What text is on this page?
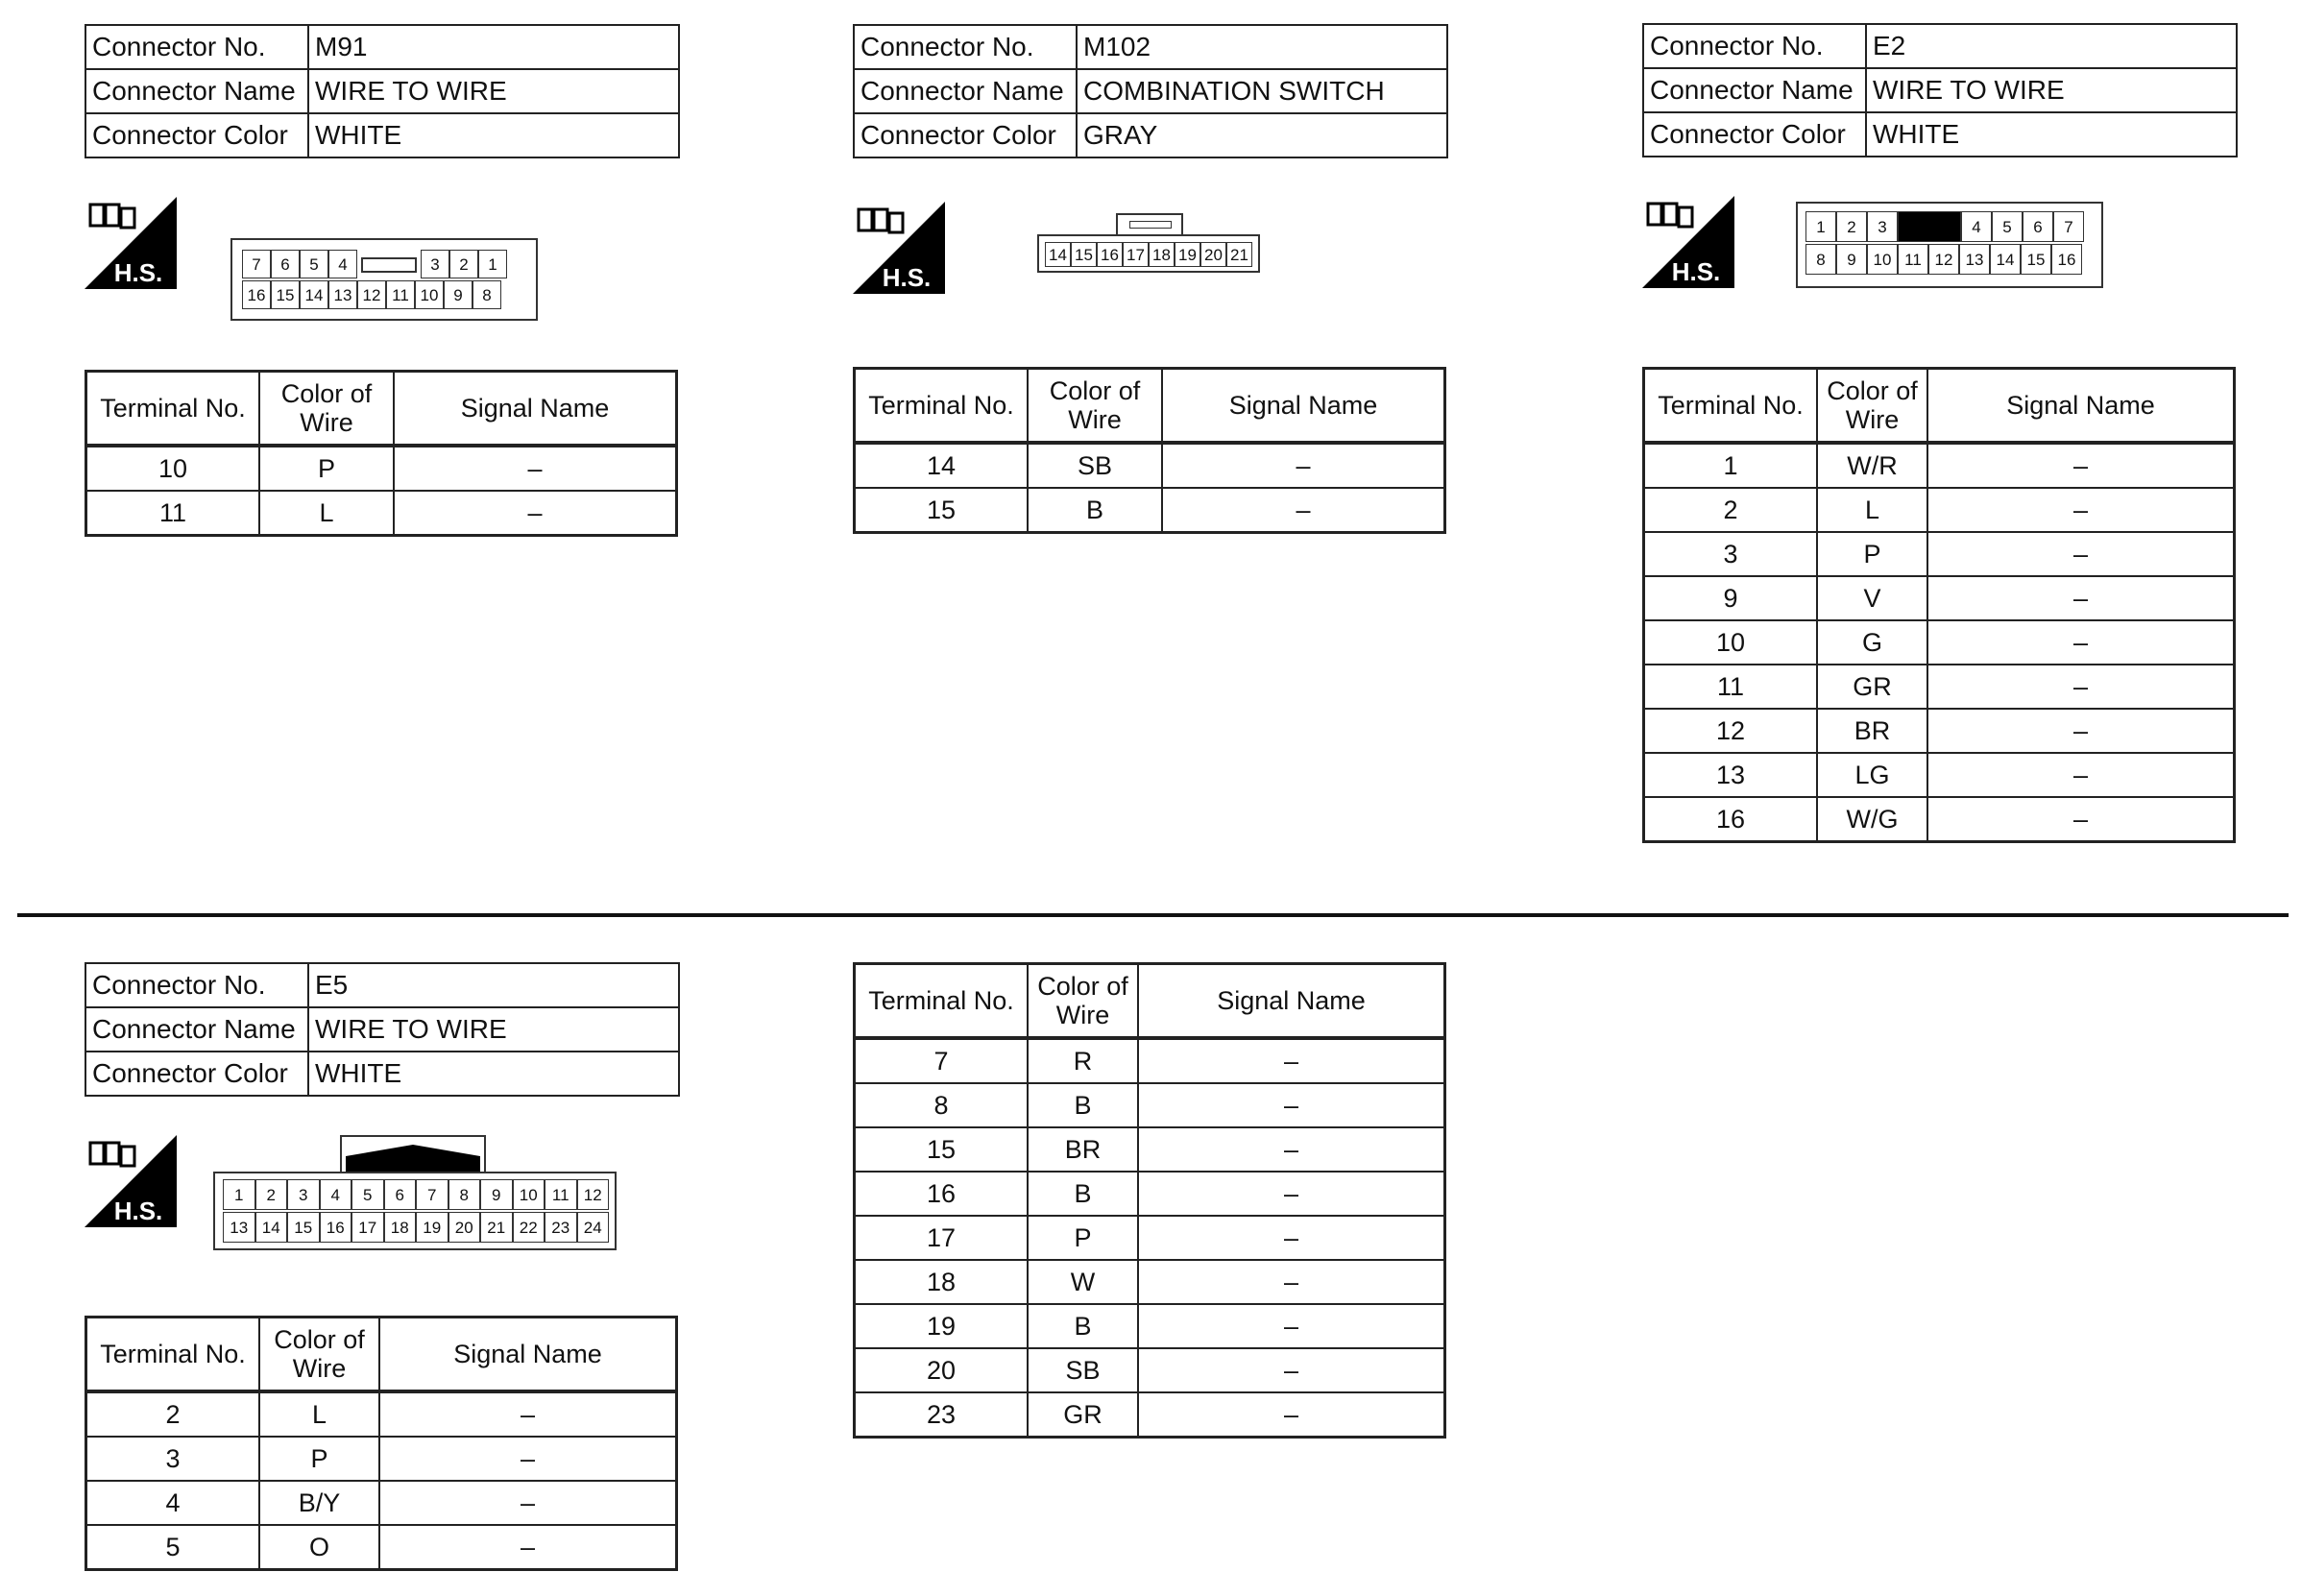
Connector No.	M91
Connector Name	WIRE TO WIRE
Connector Color	WHITE
H.S.	7	6	5	4	3	2	1
16 15 14 13 12 11 10 9	8
Terminal No.	Color of Wire	Signal Name
10	P	–
11	L	–
Connector No.	M102
Connector Name	COMBINATION SWITCH
Connector Color	GRAY
H.S.
14 15 16 17 18 19 20 21
Terminal No.	Color of Wire	Signal Name
14	SB	–
15	B	–
Connector No.	E2
Connector Name	WIRE TO WIRE
Connector Color	WHITE
H.S.
1	2	3	4	5	6	7
8	9	10 11 12 13 14 15 16
Terminal No.	Color of Wire	Signal Name
1	W/R	–
2	L	–
3	P	–
9	V	–
10	G	–
11	GR	–
12	BR	–
13	LG	–
16	W/G	–
Connector No.	E5
Connector Name	WIRE TO WIRE
Connector Color	WHITE
H.S.
1	2	3	4	5	6	7	8	9	10 11 12
13 14 15 16 17 18 19 20 21 22 23 24
Terminal No.	Color of Wire	Signal Name
2	L	–
3	P	–
4	B/Y	–
5	O	–
Terminal No.	Color of Wire	Signal Name
7	R	–
8	B	–
15	BR	–
16	B	–
17	P	–
18	W	–
19	B	–
20	SB	–
23	GR	–
